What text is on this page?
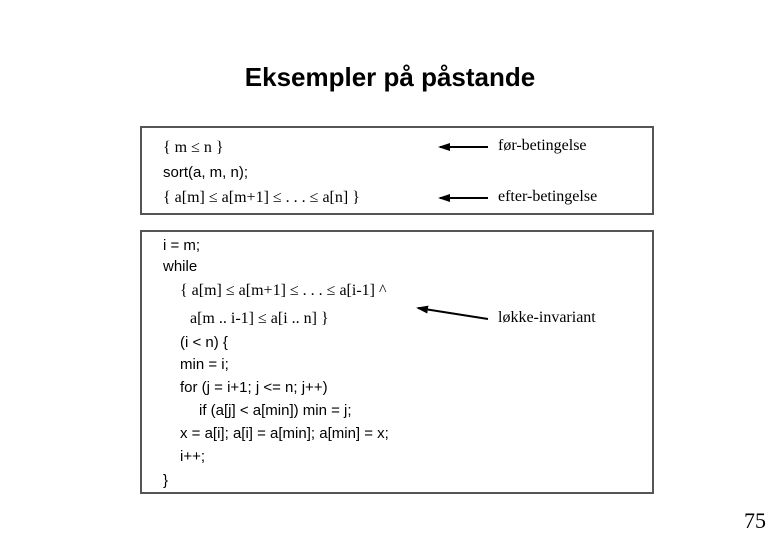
Eksempler på påstande
{ m ≤ n }
sort(a, m, n);
{ a[m] ≤ a[m+1] ≤ . . . ≤ a[n] }
i = m;
while
{ a[m] ≤ a[m+1] ≤ . . . ≤ a[i-1] ^
a[m .. i-1] ≤ a[i .. n] }
(i < n) {
min = i;
for (j = i+1; j <= n; j++)
if (a[j] < a[min]) min = j;
x = a[i]; a[i] = a[min]; a[min] = x;
i++;
}
før-betingelse
efter-betingelse
løkke-invariant
75
